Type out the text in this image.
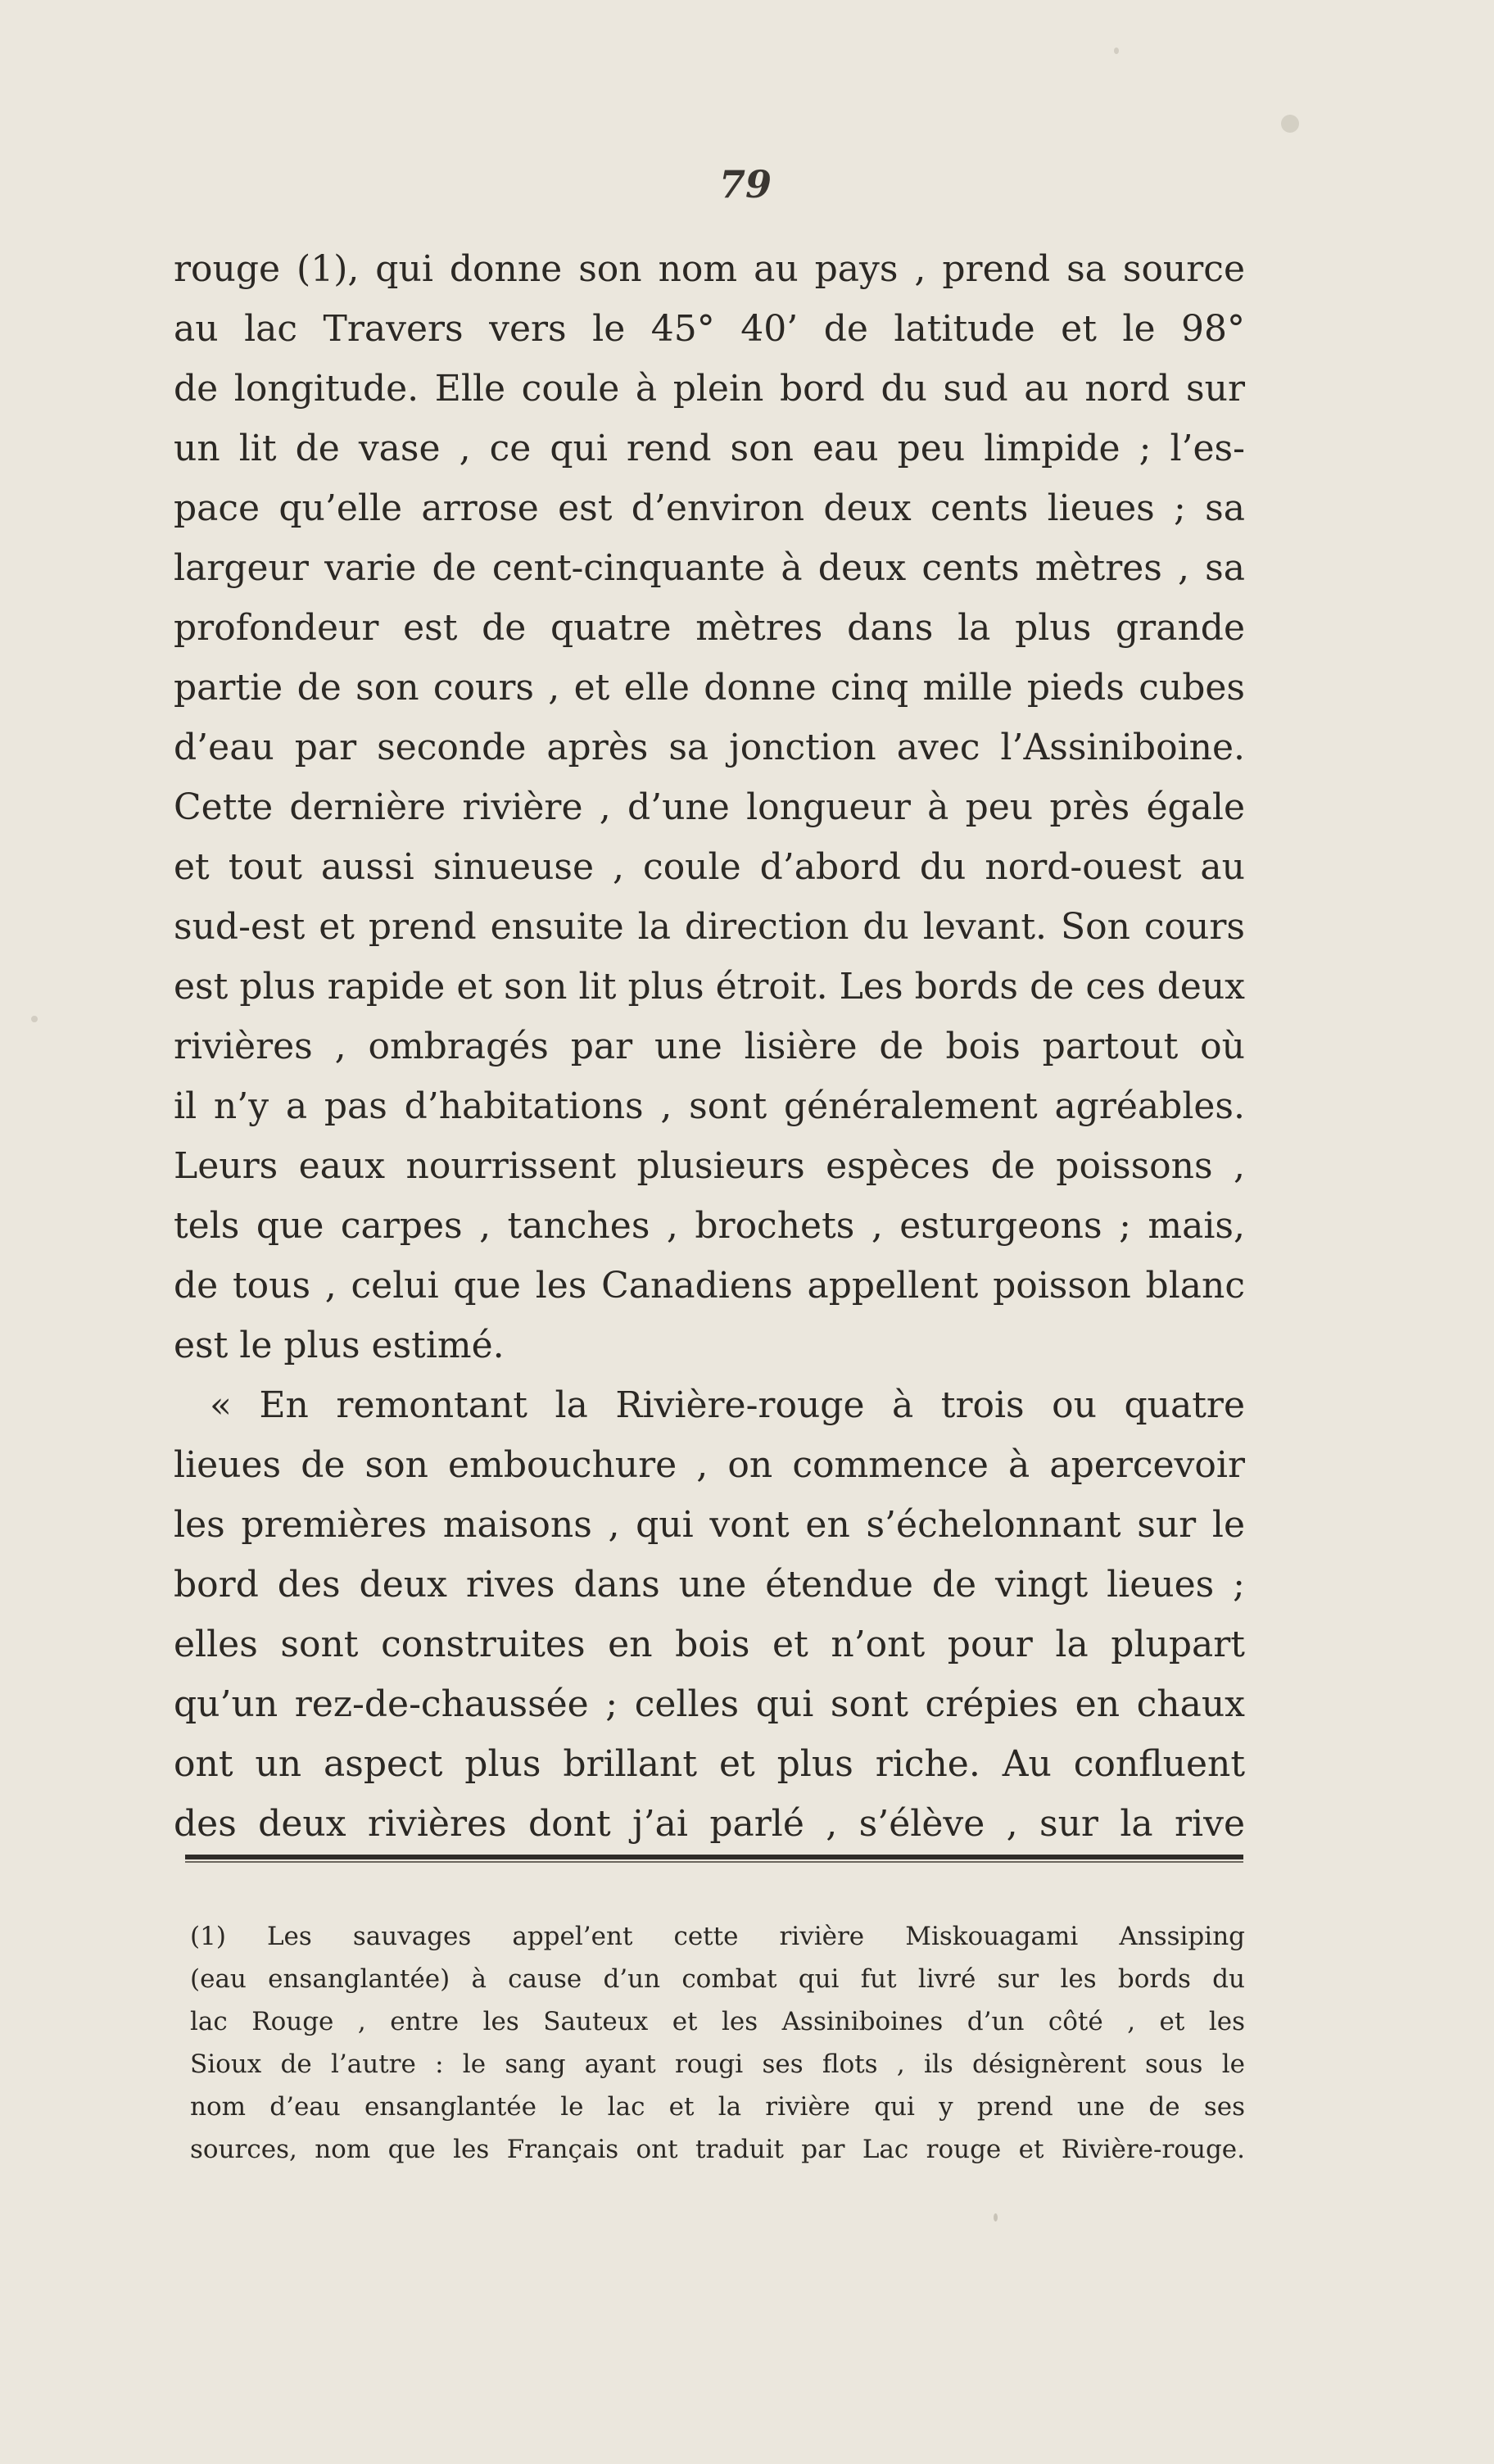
79
rouge (1), qui donne son nom au pays , prend sa source
au lac Travers vers le 45° 40’ de latitude et le 98°
de longitude. Elle coule à plein bord du sud au nord sur
un lit de vase , ce qui rend son eau peu limpide ; l’es-
pace qu’elle arrose est d’environ deux cents lieues ; sa
largeur varie de cent-cinquante à deux cents mètres , sa
profondeur est de quatre mètres dans la plus grande
partie de son cours , et elle donne cinq mille pieds cubes
d’eau par seconde après sa jonction avec l’Assiniboine.
Cette dernière rivière , d’une longueur à peu près égale
et tout aussi sinueuse , coule d’abord du nord-ouest au
sud-est et prend ensuite la direction du levant. Son cours
est plus rapide et son lit plus étroit. Les bords de ces deux
rivières , ombragés par une lisière de bois partout où
il n’y a pas d’habitations , sont généralement agréables.
Leurs eaux nourrissent plusieurs espèces de poissons ,
tels que carpes , tanches , brochets , esturgeons ; mais,
de tous , celui que les Canadiens appellent poisson blanc
est le plus estimé.
« En remontant la Rivière-rouge à trois ou quatre
lieues de son embouchure , on commence à apercevoir
les premières maisons , qui vont en s’échelonnant sur le
bord des deux rives dans une étendue de vingt lieues ;
elles sont construites en bois et n’ont pour la plupart
qu’un rez-de-chaussée ; celles qui sont crépies en chaux
ont un aspect plus brillant et plus riche. Au confluent
des deux rivières dont j’ai parlé , s’élève , sur la rive
(1) Les sauvages appel’ent cette rivière Miskouagami Anssiping
(eau ensanglantée) à cause d’un combat qui fut livré sur les bords du
lac Rouge , entre les Sauteux et les Assiniboines d’un côté , et les
Sioux de l’autre : le sang ayant rougi ses flots , ils désignèrent sous le
nom d’eau ensanglantée le lac et la rivière qui y prend une de ses
sources, nom que les Français ont traduit par Lac rouge et Rivière-rouge.
